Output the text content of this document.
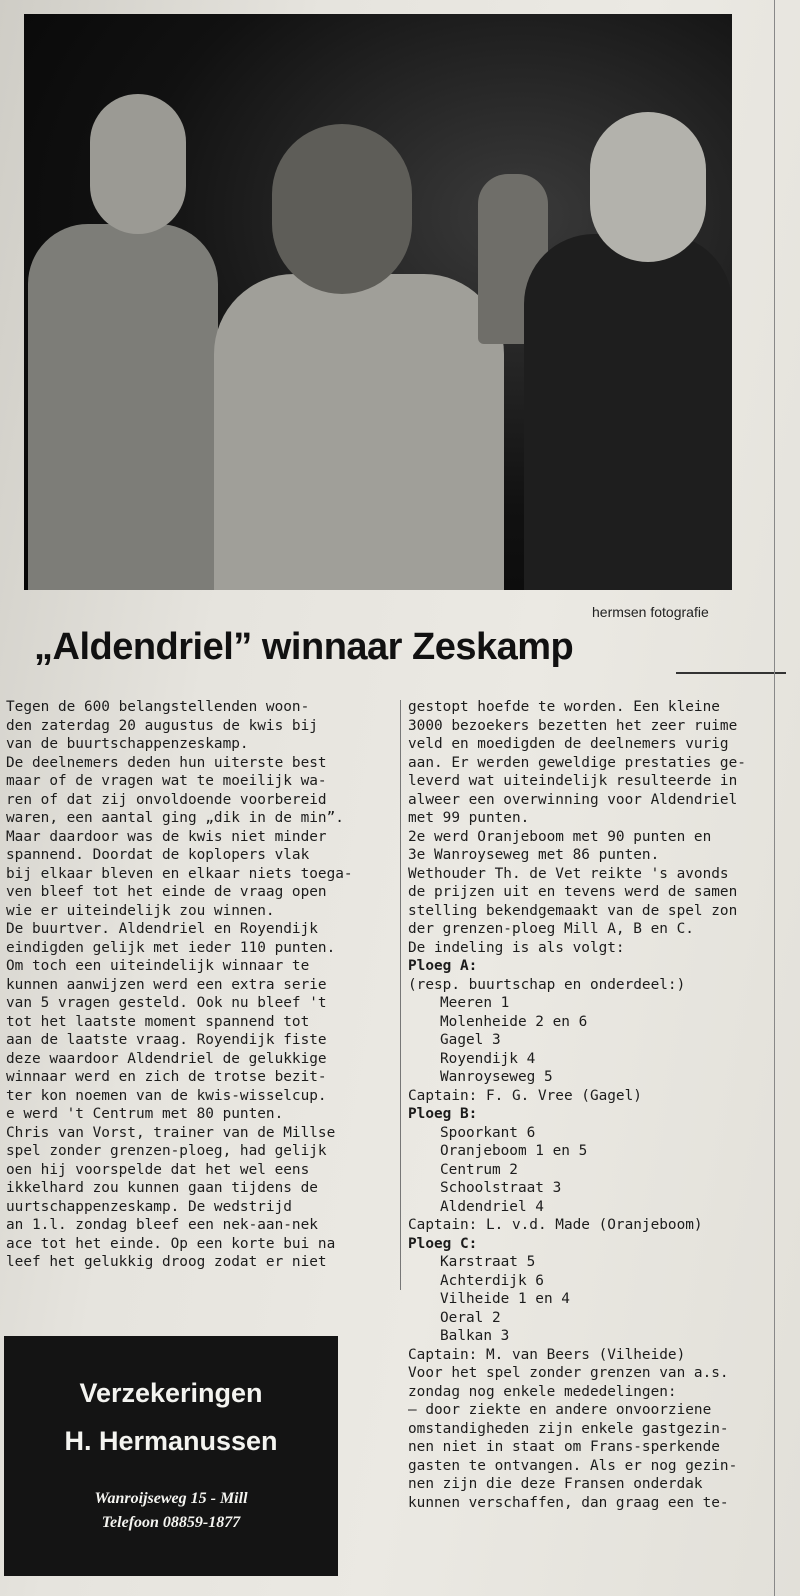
hermsen fotografie
„Aldendriel” winnaar Zeskamp

Tegen de 600 belangstellenden woon-

den zaterdag 20 augustus de kwis bij

van de buurtschappenzeskamp.

De deelnemers deden hun uiterste best

maar of de vragen wat te moeilijk wa-

ren of dat zij onvoldoende voorbereid

waren, een aantal ging „dik in de min”.

Maar daardoor was de kwis niet minder

spannend. Doordat de koplopers vlak

bij elkaar bleven en elkaar niets toega-

ven bleef tot het einde de vraag open

wie er uiteindelijk zou winnen.

De buurtver. Aldendriel en Royendijk

eindigden gelijk met ieder 110 punten.

Om toch een uiteindelijk winnaar te

kunnen aanwijzen werd een extra serie

van 5 vragen gesteld. Ook nu bleef 't

tot het laatste moment spannend tot

aan de laatste vraag. Royendijk fiste

deze waardoor Aldendriel de gelukkige

winnaar werd en zich de trotse bezit-

ter kon noemen van de kwis-wisselcup.

e werd 't Centrum met 80 punten.

Chris van Vorst, trainer van de Millse

spel zonder grenzen-ploeg, had gelijk

oen hij voorspelde dat het wel eens

ikkelhard zou kunnen gaan tijdens de

uurtschappenzeskamp. De wedstrijd

an 1.l. zondag bleef een nek-aan-nek

ace tot het einde. Op een korte bui na

leef het gelukkig droog zodat er niet

gestopt hoefde te worden. Een kleine

3000 bezoekers bezetten het zeer ruime

veld en moedigden de deelnemers vurig

aan. Er werden geweldige prestaties ge-

leverd wat uiteindelijk resulteerde in

alweer een overwinning voor Aldendriel

met 99 punten.

2e werd Oranjeboom met 90 punten en

3e Wanroyseweg met 86 punten.

Wethouder Th. de Vet reikte 's avonds

de prijzen uit en tevens werd de samen

stelling bekendgemaakt van de spel zon

der grenzen-ploeg Mill A, B en C.

De indeling is als volgt:

Ploeg A:

(resp. buurtschap en onderdeel:)

Meeren 1

Molenheide 2 en 6

Gagel 3

Royendijk 4

Wanroyseweg 5

Captain: F. G. Vree (Gagel)

Ploeg B:

Spoorkant 6

Oranjeboom 1 en 5

Centrum 2

Schoolstraat 3

Aldendriel 4

Captain: L. v.d. Made (Oranjeboom)

Ploeg C:

Karstraat 5

Achterdijk 6

Vilheide 1 en 4

Oeral 2

Balkan 3

Captain: M. van Beers (Vilheide)

Voor het spel zonder grenzen van a.s.

zondag nog enkele mededelingen:

— door ziekte en andere onvoorziene

omstandigheden zijn enkele gastgezin-

nen niet in staat om Frans-sperkende

gasten te ontvangen. Als er nog gezin-

nen zijn die deze Fransen onderdak

kunnen verschaffen, dan graag een te-

Verzekeringen
H. Hermanussen
Wanroijseweg 15 - Mill
Telefoon 08859-1877
